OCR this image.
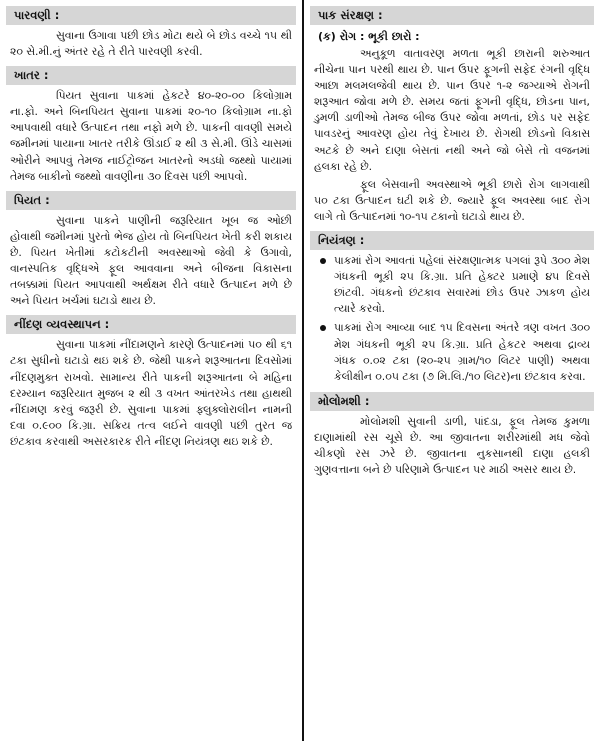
પારવણી :

સુવાના ઉગાવા પછી છોડ મોટા થયે બે છોડ વચ્ચે ૧૫ થી ૨૦ સે.મી.નું અંતર રહે તે રીતે પારવણી કરવી.

ખાતર :

પિયત સુવાના પાકમાં હેકટરે ૪૦-૨૦-૦૦ કિલોગ્રામ ના.ફો. અને બિનપિયત સુવાના પાકમાં ૨૦-૧૦ કિલોગ્રામ ના.ફો આપવાથી વધારે ઉત્પાદન તથા નફો મળે છે. પાકની વાવણી સમયે જમીનમાં પાયાના ખાતર તરીકે ઊંડાઈ ૨ થી ૩ સે.મી. ઊંડે ચાસમાં ઓરીને આપવું તેમજ નાઈટ્રોજન ખાતરનો અડધો જથ્થો પાયામાં તેમજ બાકીનો જથ્થો વાવણીના ૩૦ દિવસ પછી આપવો.

પિયત :

સુવાના પાકને પાણીની જરૂરિયાત ખૂબ જ ઓછી હોવાથી જમીનમાં પુરતો ભેજ હોય તો બિનપિયત ખેતી કરી શકાય છે. પિયત ખેતીમાં કટોકટીની અવસ્થાઓ જેવી કે ઉગાવો, વાનસ્પતિક વૃદ્ધિએ ફૂલ આવવાના અને બીજના વિકાસના તબક્કામાં પિયત આપવાથી અર્થક્ષમ રીતે વધારે ઉત્પાદન મળે છે અને પિયત ખર્ચમાં ઘટાડો થાય છે.

નીંદણ વ્યવસ્થાપન :

સુવાના પાકમાં નીંદામણને કારણે ઉત્પાદનમાં ૫૦ થી ૬૧ ટકા સુધીનો ઘટાડો થઇ શકે છે. જેથી પાકને શરૂઆતના દિવસોમાં નીંદણમુક્ત રાખવો. સામાન્ય રીતે પાકની શરૂઆતના બે મહિના દરમ્યાન જરૂરિયાત મુજબ ૨ થી ૩ વખત આંતરખેડ તથા હાથથી નીંદામણ કરવું જરૂરી છે. સુવાના પાકમાં ફ્લુક્લોરાલીન નામની દવા ૦.૯૦૦ કિ.ગ્રા. સક્રિય તત્વ લઈને વાવણી પછી તુરત જ છંટકાવ કરવાથી અસરકારક રીતે નીંદણ નિયંત્રણ થઇ શકે છે.

પાક સંરક્ષણ :
(ક) રોગ : ભૂકી છારો :

અનુકૂળ વાતાવરણ મળતા ભૂકી છારાની શરુઆત નીચેના પાન પરથી થાય છે. પાન ઉપર ફૂગની સફેદ રંગની વૃદ્ધિ આછા મલમલજેવી થાય છે. પાન ઉપર ૧-૨ જગ્યાએ રોગની શરૂઆત જોવા મળે છે. સમય જતાં ફૂગની વૃદ્ધિ, છોડના પાન, ડુમળી ડાળીઓ તેમજ બીજ ઉપર જોવા મળતાં, છોડ પર સફેદ પાવડરનું આવરણ હોય તેવું દેખાય છે. રોગથી છોડનો વિકાસ અટકે છે અને દાણા બેસતાં નથી અને જો બેસે તો વજનમાં હલકા રહે છે.

ફૂલ બેસવાની અવસ્થાએ ભૂકી છારો રોગ લાગવાથી ૫૦ ટકા ઉત્પાદન ઘટી શકે છે. જ્યારે ફૂલ અવસ્થા બાદ રોગ લાગે તો ઉત્પાદનમાં ૧૦-૧૫ ટકાનો ઘટાડો થાય છે.

નિયંત્રણ :
પાકમાં રોગ આવતાં પહેલાં સંરક્ષણાત્મક પગલાં રૂપે ૩૦૦ મેશ ગંધકની ભૂકી ૨૫ કિ.ગ્રા. પ્રતિ હેક્ટર પ્રમાણે ૪૫ દિવસે છાંટવી. ગંધકનો છંટકાવ સવારમાં છોડ ઉપર ઝાકળ હોય ત્યારે કરવો.
પાકમાં રોગ આવ્યા બાદ ૧૫ દિવસના અંતરે ત્રણ વખત ૩૦૦ મેશ ગંધકની ભૂકી ૨૫ કિ.ગ્રા. પ્રતિ હેકટર અથવા દ્રાવ્ય ગંધક ૦.૦૨ ટકા (૨૦-૨૫ ગ્રામ/૧૦ લિટર પાણી) અથવા કેલીક્ષીન ૦.૦૫ ટકા (૭ મિ.લિ./૧૦ લિટર)ના છંટકાવ કરવા.
મોલોમશી :

મોલોમશી સુવાની ડાળી, પાંદડા, ફૂલ તેમજ કુમળા દાણામાંથી રસ ચૂસે છે. આ જીવાતના શરીરમાંથી મધ જેવો ચીકણો રસ ઝરે છે. જીવાતના નુકસાનથી દાણા હલકી ગુણવત્તાના બને છે પરિણામે ઉત્પાદન પર માઠી અસર થાય છે.
